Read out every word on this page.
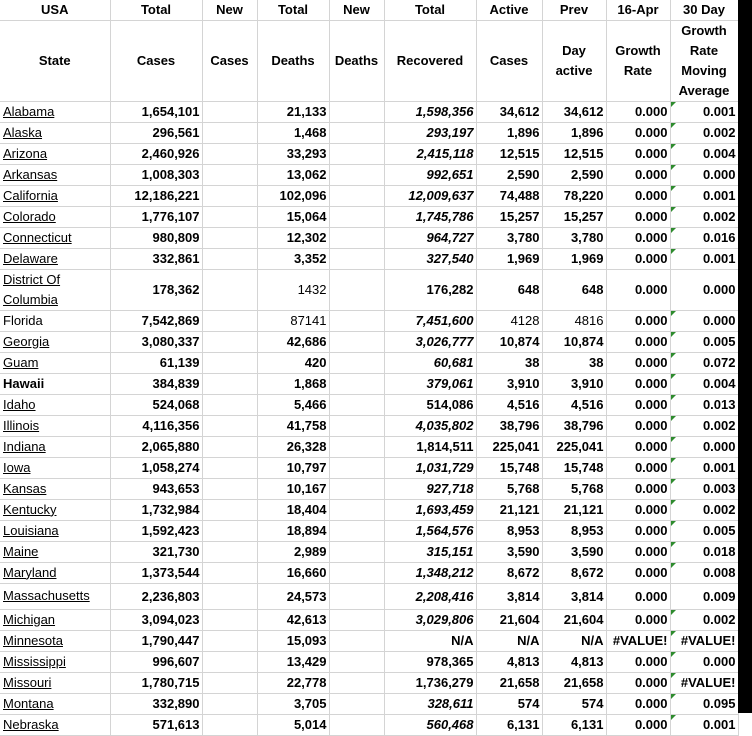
USA	Total	New	Total	New	Total	Active	Prev	16-Apr	30 Day
State	Cases	Cases	Deaths	Deaths	Recovered	Cases	Day active	Growth Rate	Growth Rate Moving Average
Alabama	1,654,101		21,133		1,598,356	34,612	34,612	0.000	0.001
Alaska	296,561		1,468		293,197	1,896	1,896	0.000	0.002
Arizona	2,460,926		33,293		2,415,118	12,515	12,515	0.000	0.004
Arkansas	1,008,303		13,062		992,651	2,590	2,590	0.000	0.000
California	12,186,221		102,096		12,009,637	74,488	78,220	0.000	0.001
Colorado	1,776,107		15,064		1,745,786	15,257	15,257	0.000	0.002
Connecticut	980,809		12,302		964,727	3,780	3,780	0.000	0.016
Delaware	332,861		3,352		327,540	1,969	1,969	0.000	0.001
District Of Columbia	178,362		1432		176,282	648	648	0.000	0.000
Florida	7,542,869		87141		7,451,600	4128	4816	0.000	0.000
Georgia	3,080,337		42,686		3,026,777	10,874	10,874	0.000	0.005
Guam	61,139		420		60,681	38	38	0.000	0.072
Hawaii	384,839		1,868		379,061	3,910	3,910	0.000	0.004
Idaho	524,068		5,466		514,086	4,516	4,516	0.000	0.013
Illinois	4,116,356		41,758		4,035,802	38,796	38,796	0.000	0.002
Indiana	2,065,880		26,328		1,814,511	225,041	225,041	0.000	0.000
Iowa	1,058,274		10,797		1,031,729	15,748	15,748	0.000	0.001
Kansas	943,653		10,167		927,718	5,768	5,768	0.000	0.003
Kentucky	1,732,984		18,404		1,693,459	21,121	21,121	0.000	0.002
Louisiana	1,592,423		18,894		1,564,576	8,953	8,953	0.000	0.005
Maine	321,730		2,989		315,151	3,590	3,590	0.000	0.018
Maryland	1,373,544		16,660		1,348,212	8,672	8,672	0.000	0.008
Massachusetts	2,236,803		24,573		2,208,416	3,814	3,814	0.000	0.009
Michigan	3,094,023		42,613		3,029,806	21,604	21,604	0.000	0.002
Minnesota	1,790,447		15,093		N/A	N/A	N/A	#VALUE!	#VALUE!
Mississippi	996,607		13,429		978,365	4,813	4,813	0.000	0.000
Missouri	1,780,715		22,778		1,736,279	21,658	21,658	0.000	#VALUE!
Montana	332,890		3,705		328,611	574	574	0.000	0.095
Nebraska	571,613		5,014		560,468	6,131	6,131	0.000	0.001
